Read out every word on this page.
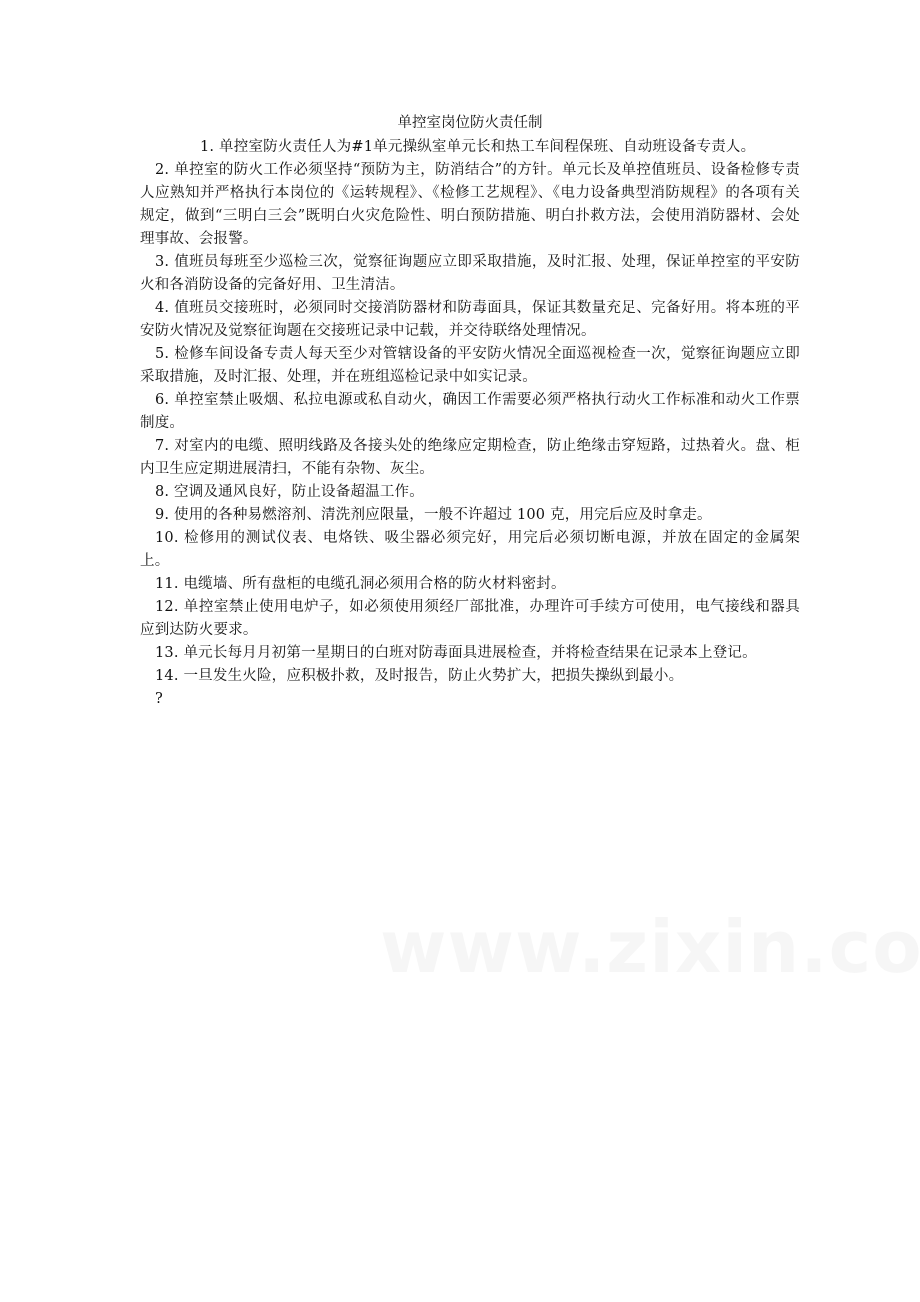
单控室岗位防火责任制

1. 单控室防火责任人为#1单元操纵室单元长和热工车间程保班、自动班设备专责人。

2. 单控室的防火工作必须坚持“预防为主，防消结合”的方针。单元长及单控值班员、设备检修专责人应熟知并严格执行本岗位的《运转规程》、《检修工艺规程》、《电力设备典型消防规程》的各项有关规定，做到“三明白三会”既明白火灾危险性、明白预防措施、明白扑救方法，会使用消防器材、会处理事故、会报警。

3. 值班员每班至少巡检三次，觉察征询题应立即采取措施，及时汇报、处理，保证单控室的平安防火和各消防设备的完备好用、卫生清洁。

4. 值班员交接班时，必须同时交接消防器材和防毒面具，保证其数量充足、完备好用。将本班的平安防火情况及觉察征询题在交接班记录中记载，并交待联络处理情况。

5. 检修车间设备专责人每天至少对管辖设备的平安防火情况全面巡视检查一次，觉察征询题应立即采取措施，及时汇报、处理，并在班组巡检记录中如实记录。

6. 单控室禁止吸烟、私拉电源或私自动火，确因工作需要必须严格执行动火工作标准和动火工作票制度。

7. 对室内的电缆、照明线路及各接头处的绝缘应定期检查，防止绝缘击穿短路，过热着火。盘、柜内卫生应定期进展清扫，不能有杂物、灰尘。

8. 空调及通风良好，防止设备超温工作。

9. 使用的各种易燃溶剂、清洗剂应限量，一般不许超过 100 克，用完后应及时拿走。

10. 检修用的测试仪表、电烙铁、吸尘器必须完好，用完后必须切断电源，并放在固定的金属架上。

11. 电缆墙、所有盘柜的电缆孔洞必须用合格的防火材料密封。

12. 单控室禁止使用电炉子，如必须使用须经厂部批准，办理许可手续方可使用，电气接线和器具应到达防火要求。

13. 单元长每月月初第一星期日的白班对防毒面具进展检查，并将检查结果在记录本上登记。

14. 一旦发生火险，应积极扑救，及时报告，防止火势扩大，把损失操纵到最小。

?
